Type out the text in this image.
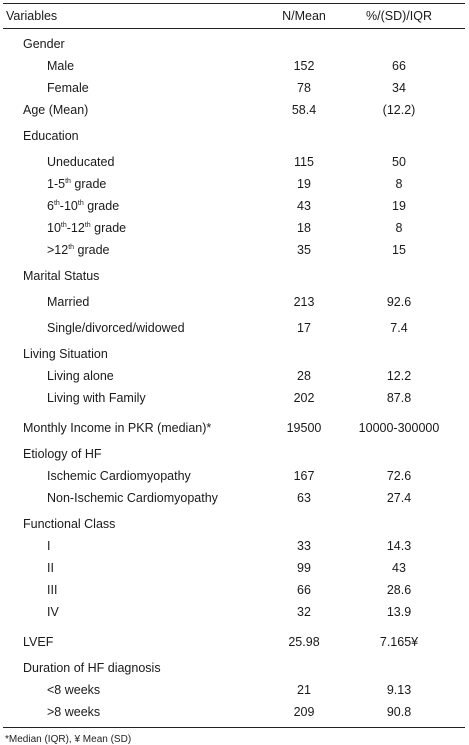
Variables	N/Mean	%/(SD)/IQR
Gender
Male	152	66
Female	78	34
Age (Mean)	58.4	(12.2)
Education
Uneducated	115	50
1-5th grade	19	8
6th-10th grade	43	19
10th-12th grade	18	8
>12th grade	35	15
Marital Status
Married	213	92.6
Single/divorced/widowed	17	7.4
Living Situation
Living alone	28	12.2
Living with Family	202	87.8
Monthly Income in PKR (median)*	19500	10000-300000
Etiology of HF
Ischemic Cardiomyopathy	167	72.6
Non-Ischemic Cardiomyopathy	63	27.4
Functional Class
I	33	14.3
II	99	43
III	66	28.6
IV	32	13.9
LVEF	25.98	7.165¥
Duration of HF diagnosis
<8 weeks	21	9.13
>8 weeks	209	90.8
*Median (IQR), ¥ Mean (SD)
